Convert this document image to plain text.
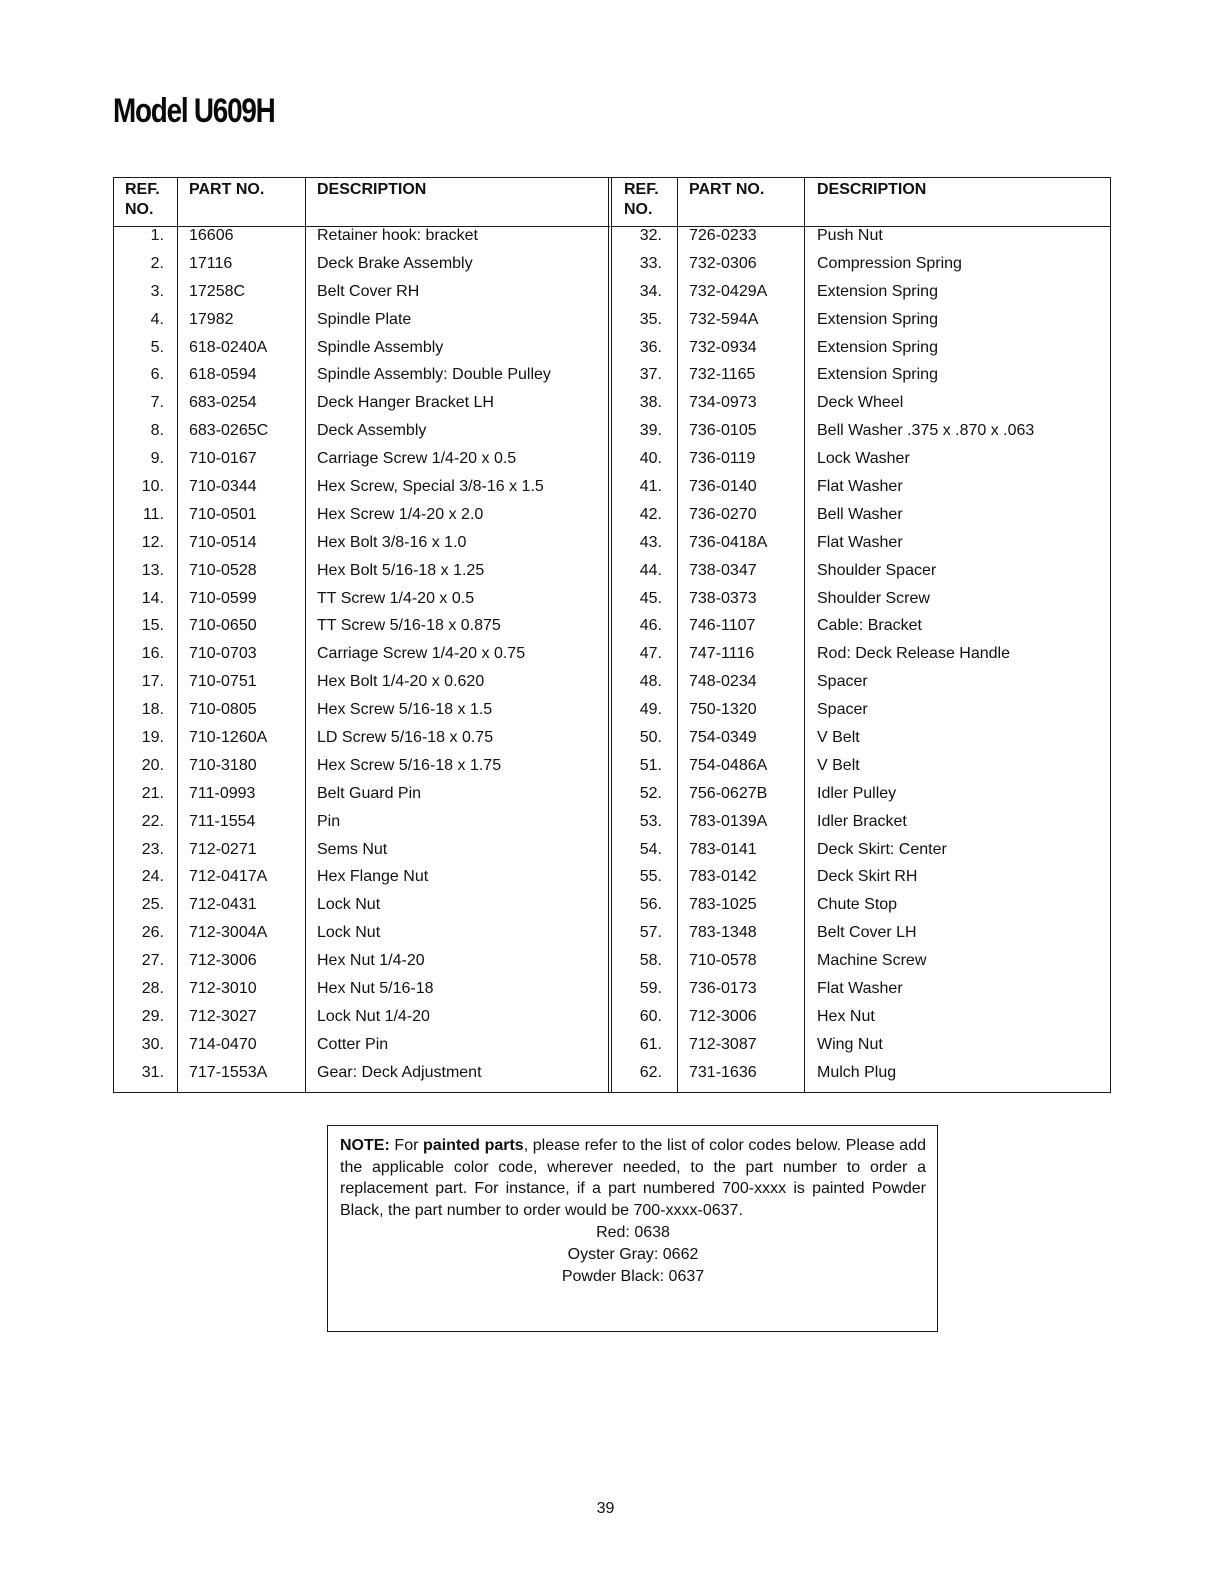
Model U609H
REF.
NO.
PART NO.	DESCRIPTION
1. 16606	Retainer hook: bracket
2. 17116	Deck Brake Assembly
3. 17258C	Belt Cover RH
4. 17982	Spindle Plate
5. 618-0240A	Spindle Assembly
6. 618-0594	Spindle Assembly: Double Pulley
7. 683-0254	Deck Hanger Bracket LH
8. 683-0265C	Deck Assembly
9. 710-0167	Carriage Screw 1/4-20 x 0.5
10. 710-0344	Hex Screw, Special 3/8-16 x 1.5
11. 710-0501	Hex Screw 1/4-20 x 2.0
12. 710-0514	Hex Bolt 3/8-16 x 1.0
13. 710-0528	Hex Bolt 5/16-18 x 1.25
14. 710-0599	TT Screw 1/4-20 x 0.5
15. 710-0650	TT Screw 5/16-18 x 0.875
16. 710-0703	Carriage Screw 1/4-20 x 0.75
17. 710-0751	Hex Bolt 1/4-20 x 0.620
18. 710-0805	Hex Screw 5/16-18 x 1.5
19. 710-1260A	LD Screw 5/16-18 x 0.75
20. 710-3180	Hex Screw 5/16-18 x 1.75
21. 711-0993	Belt Guard Pin
22. 711-1554	Pin
23. 712-0271	Sems Nut
24. 712-0417A	Hex Flange Nut
25. 712-0431	Lock Nut
26. 712-3004A	Lock Nut
27. 712-3006	Hex Nut 1/4-20
28. 712-3010	Hex Nut 5/16-18
29. 712-3027	Lock Nut 1/4-20
30. 714-0470	Cotter Pin
31. 717-1553A	Gear: Deck Adjustment
REF.
NO.
PART NO.	DESCRIPTION
32. 726-0233	Push Nut
33. 732-0306	Compression Spring
34. 732-0429A	Extension Spring
35. 732-594A	Extension Spring
36. 732-0934	Extension Spring
37. 732-1165	Extension Spring
38. 734-0973	Deck Wheel
39. 736-0105	Bell Washer .375 x .870 x .063
40. 736-0119	Lock Washer
41. 736-0140	Flat Washer
42. 736-0270	Bell Washer
43. 736-0418A	Flat Washer
44. 738-0347	Shoulder Spacer
45. 738-0373	Shoulder Screw
46. 746-1107	Cable: Bracket
47. 747-1116	Rod: Deck Release Handle
48. 748-0234	Spacer
49. 750-1320	Spacer
50. 754-0349	V Belt
51. 754-0486A	V Belt
52. 756-0627B	Idler Pulley
53. 783-0139A	Idler Bracket
54. 783-0141	Deck Skirt: Center
55. 783-0142	Deck Skirt RH
56. 783-1025	Chute Stop
57. 783-1348	Belt Cover LH
58. 710-0578	Machine Screw
59. 736-0173	Flat Washer
60. 712-3006	Hex Nut
61. 712-3087	Wing Nut
62. 731-1636	Mulch Plug
NOTE: For painted parts, please refer to the list of color codes below. Please add the applicable color code, wherever needed, to the part number to order a replacement part. For instance, if a part numbered 700-xxxx is painted Powder Black, the part number to order would be 700-xxxx-0637.
Red: 0638
Oyster Gray: 0662
Powder Black: 0637
39
